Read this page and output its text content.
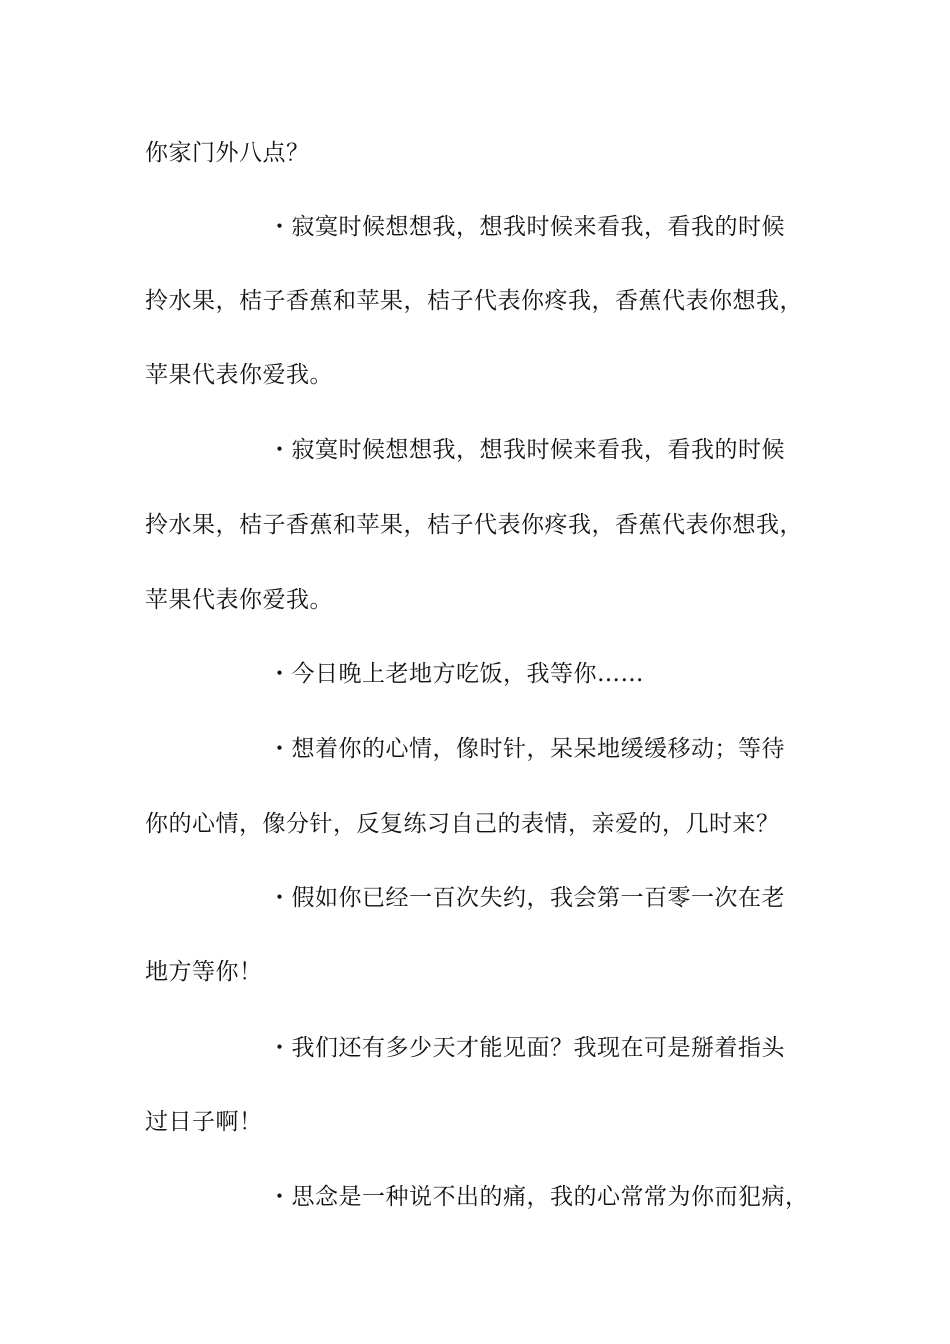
你家门外八点？
・寂寞时候想想我，想我时候来看我，看我的时候
拎水果，桔子香蕉和苹果，桔子代表你疼我，香蕉代表你想我，
苹果代表你爱我。
・寂寞时候想想我，想我时候来看我，看我的时候
拎水果，桔子香蕉和苹果，桔子代表你疼我，香蕉代表你想我，
苹果代表你爱我。
・今日晚上老地方吃饭，我等你……
・想着你的心情，像时针，呆呆地缓缓移动；等待
你的心情，像分针，反复练习自己的表情，亲爱的，几时来？
・假如你已经一百次失约，我会第一百零一次在老
地方等你！
・我们还有多少天才能见面？我现在可是掰着指头
过日子啊！
・思念是一种说不出的痛，我的心常常为你而犯病，
